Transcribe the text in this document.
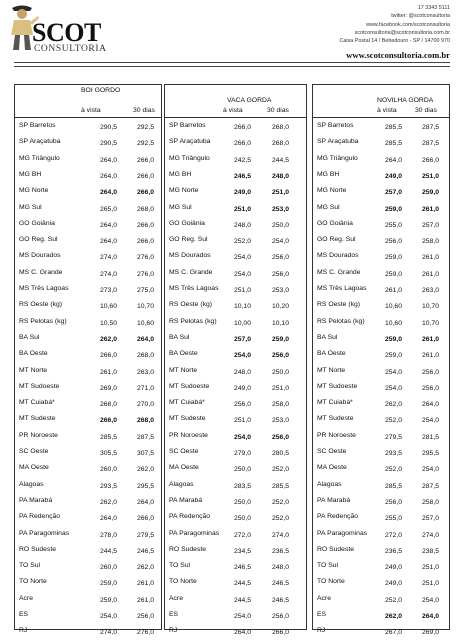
SCOT
CONSULTORIA
17 3343 5111
twitter: @scotconsultoria
www.facebook.com/scotconsultoria
scotconsultoria@scotconsultoria.com.br
Caixa Postal 14 / Bebedouro - SP / 14700 970
www.scotconsultoria.com.br
BOI GORDO
à vista	30 dias
SP Barretos	290,5	292,5
SP Araçatuba	290,5	292,5
MG Triângulo	264,0	266,0
MG BH	264,0	266,0
MG Norte	264,0	266,0
MG Sul	265,0	268,0
GO Goiânia	264,0	266,0
GO Reg. Sul	264,0	266,0
MS Dourados	274,0	276,0
MS C. Grande	274,0	276,0
MS Três Lagoas	273,0	275,0
RS Oeste (kg)	10,60	10,70
RS Pelotas (kg)	10,50	10,60
BA Sul	262,0	264,0
BA Oeste	266,0	268,0
MT Norte	261,0	263,0
MT Sudoeste	269,0	271,0
MT Cuiabá*	268,0	270,0
MT Sudeste	266,0	268,0
PR Noroeste	285,5	287,5
SC Oeste	305,5	307,5
MA Oeste	260,0	262,0
Alagoas	293,5	295,5
PA Marabá	262,0	264,0
PA Redenção	264,0	266,0
PA Paragominas	278,0	279,5
RO Sudeste	244,5	246,5
TO Sul	260,0	262,0
TO Norte	259,0	261,0
Acre	259,0	261,0
ES	254,0	256,0
RJ	274,0	276,0
VACA GORDA
à vista	30 dias
SP Barretos	266,0	268,0
SP Araçatuba	266,0	268,0
MG Triângulo	242,5	244,5
MG BH	246,5	248,0
MG Norte	249,0	251,0
MG Sul	251,0	253,0
GO Goiânia	248,0	250,0
GO Reg. Sul	252,0	254,0
MS Dourados	254,0	256,0
MS C. Grande	254,0	256,0
MS Três Lagoas	251,0	253,0
RS Oeste (kg)	10,10	10,20
RS Pelotas (kg)	10,00	10,10
BA Sul	257,0	259,0
BA Oeste	254,0	256,0
MT Norte	248,0	250,0
MT Sudoeste	249,0	251,0
MT Cuiabá*	256,0	258,0
MT Sudeste	251,0	253,0
PR Noroeste	254,0	256,0
SC Oeste	279,0	280,5
MA Oeste	250,0	252,0
Alagoas	283,5	285,5
PA Marabá	250,0	252,0
PA Redenção	250,0	252,0
PA Paragominas	272,0	274,0
RO Sudeste	234,5	236,5
TO Sul	246,5	248,0
TO Norte	244,5	246,5
Acre	244,5	246,5
ES	254,0	256,0
RJ	264,0	266,0
NOVILHA GORDA
à vista	30 dias
SP Barretos	285,5	287,5
SP Araçatuba	285,5	287,5
MG Triângulo	264,0	266,0
MG BH	249,0	251,0
MG Norte	257,0	259,0
MG Sul	259,0	261,0
GO Goiânia	255,0	257,0
GO Reg. Sul	256,0	258,0
MS Dourados	259,0	261,0
MS C. Grande	259,0	261,0
MS Três Lagoas	261,0	263,0
RS Oeste (kg)	10,60	10,70
RS Pelotas (kg)	10,60	10,70
BA Sul	259,0	261,0
BA Oeste	259,0	261,0
MT Norte	254,0	256,0
MT Sudoeste	254,0	256,0
MT Cuiabá*	262,0	264,0
MT Sudeste	252,0	254,0
PR Noroeste	279,5	281,5
SC Oeste	293,5	295,5
MA Oeste	252,0	254,0
Alagoas	285,5	287,5
PA Marabá	256,0	258,0
PA Redenção	255,0	257,0
PA Paragominas	272,0	274,0
RO Sudeste	236,5	238,5
TO Sul	249,0	251,0
TO Norte	249,0	251,0
Acre	252,0	254,0
ES	262,0	264,0
RJ	267,0	269,0
